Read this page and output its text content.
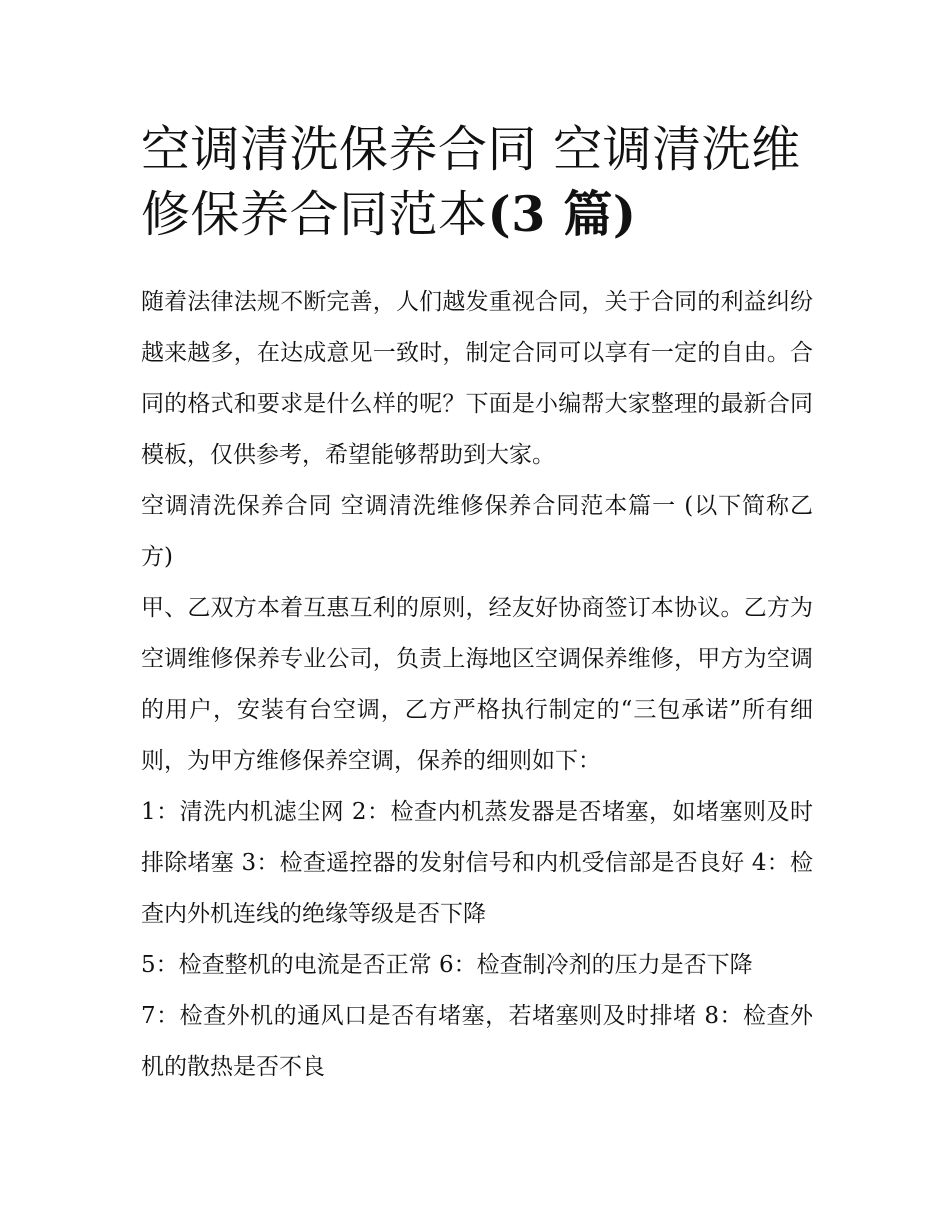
空调清洗保养合同 空调清洗维修保养合同范本(3 篇)

随着法律法规不断完善，人们越发重视合同，关于合同的利益纠纷越来越多，在达成意见一致时，制定合同可以享有一定的自由。合同的格式和要求是什么样的呢？下面是小编帮大家整理的最新合同模板，仅供参考，希望能够帮助到大家。

空调清洗保养合同 空调清洗维修保养合同范本篇一 (以下简称乙方)

甲、乙双方本着互惠互利的原则，经友好协商签订本协议。乙方为空调维修保养专业公司，负责上海地区空调保养维修，甲方为空调的用户，安装有台空调，乙方严格执行制定的“三包承诺”所有细则，为甲方维修保养空调，保养的细则如下：

1：清洗内机滤尘网 2：检查内机蒸发器是否堵塞，如堵塞则及时排除堵塞 3：检查遥控器的发射信号和内机受信部是否良好 4：检查内外机连线的绝缘等级是否下降

5：检查整机的电流是否正常 6：检查制冷剂的压力是否下降

7：检查外机的通风口是否有堵塞，若堵塞则及时排堵 8：检查外机的散热是否不良
